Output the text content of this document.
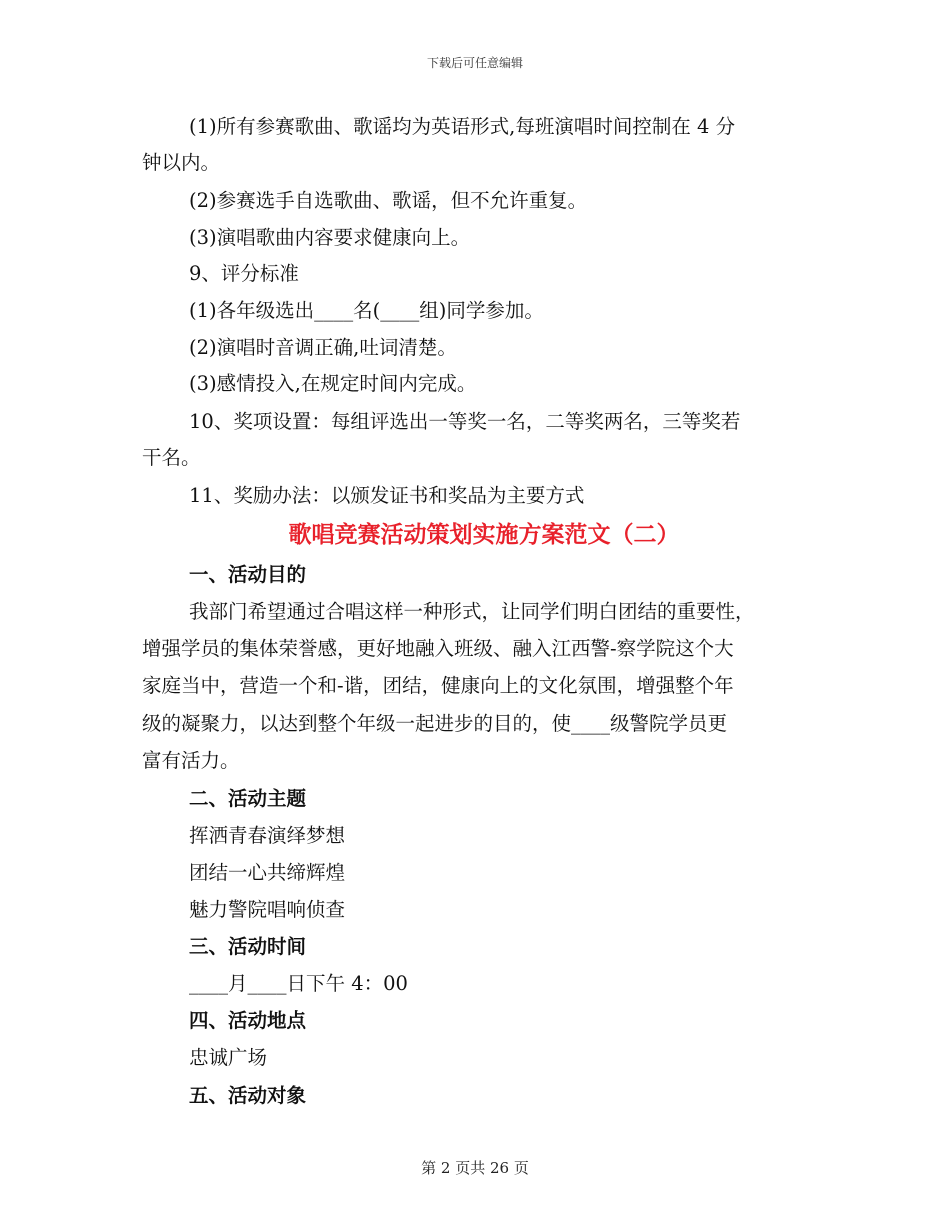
下载后可任意编辑
(1)所有参赛歌曲、歌谣均为英语形式,每班演唱时间控制在 4 分
钟以内。
(2)参赛选手自选歌曲、歌谣，但不允许重复。
(3)演唱歌曲内容要求健康向上。
9、评分标准
(1)各年级选出____名(____组)同学参加。
(2)演唱时音调正确,吐词清楚。
(3)感情投入,在规定时间内完成。
10、奖项设置：每组评选出一等奖一名，二等奖两名，三等奖若
干名。
11、奖励办法：以颁发证书和奖品为主要方式
歌唱竞赛活动策划实施方案范文（二）
一、活动目的
我部门希望通过合唱这样一种形式，让同学们明白团结的重要性，
增强学员的集体荣誉感，更好地融入班级、融入江西警-察学院这个大
家庭当中，营造一个和-谐，团结，健康向上的文化氛围，增强整个年
级的凝聚力，以达到整个年级一起进步的目的，使____级警院学员更
富有活力。
二、活动主题
挥洒青春演绎梦想
团结一心共缔辉煌
魅力警院唱响侦查
三、活动时间
____月____日下午 4：00
四、活动地点
忠诚广场
五、活动对象
第 2 页共 26 页
